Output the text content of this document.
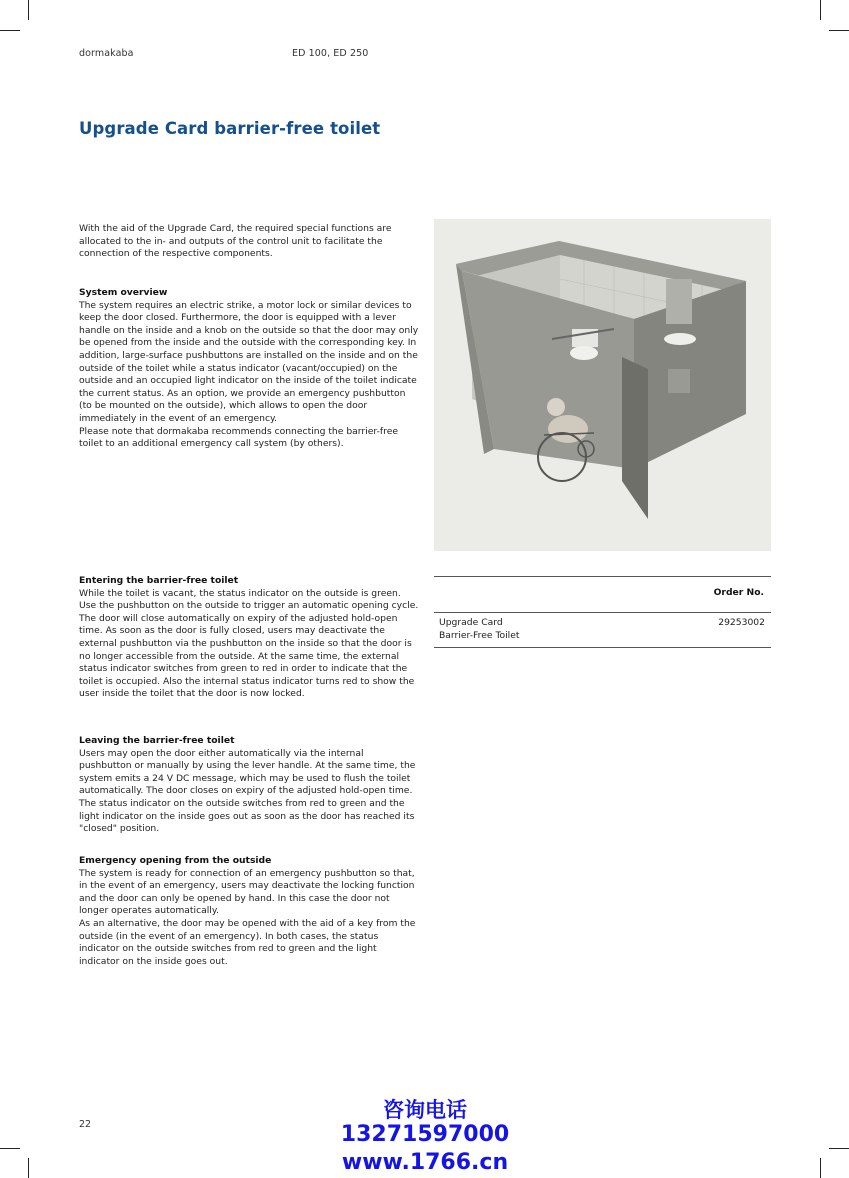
dormakaba	ED 100, ED 250
Upgrade Card barrier-free toilet

With the aid of the Upgrade Card, the required special functions are allocated to the in- and outputs of the control unit to facilitate the connection of the respective components.

System overview

The system requires an electric strike, a motor lock or similar devices to keep the door closed. Furthermore, the door is equipped with a lever handle on the inside and a knob on the outside so that the door may only be opened from the inside and the outside with the corresponding key. In addition, large-surface pushbuttons are installed on the inside and on the outside of the toilet while a status indicator (vacant/occupied) on the outside and an occupied light indicator on the inside of the toilet indicate the current status. As an option, we provide an emergency pushbutton (to be mounted on the outside), which allows to open the door immediately in the event of an emergency.

Please note that dormakaba recommends connecting the barrier-free toilet to an additional emergency call system (by others).

Entering the barrier-free toilet

While the toilet is vacant, the status indicator on the outside is green. Use the pushbutton on the outside to trigger an automatic opening cycle. The door will close automatically on expiry of the adjusted hold-open time. As soon as the door is fully closed, users may deactivate the external pushbutton via the pushbutton on the inside so that the door is no longer accessible from the outside. At the same time, the external status indicator switches from green to red in order to indicate that the toilet is occupied. Also the internal status indicator turns red to show the user inside the toilet that the door is now locked.

Leaving the barrier-free toilet

Users may open the door either automatically via the internal pushbutton or manually by using the lever handle. At the same time, the system emits a 24 V DC message, which may be used to flush the toilet automatically. The door closes on expiry of the adjusted hold-open time. The status indicator on the outside switches from red to green and the light indicator on the inside goes out as soon as the door has reached its "closed" position.

Emergency opening from the outside

The system is ready for connection of an emergency pushbutton so that, in the event of an emergency, users may deactivate the locking function and the door can only be opened by hand. In this case the door not longer operates automatically.

As an alternative, the door may be opened with the aid of a key from the outside (in the event of an emergency). In both cases, the status indicator on the outside switches from red to green and the light indicator on the inside goes out.

Order No.
Upgrade Card
Barrier-Free Toilet
29253002
22
咨询电话
13271597000
www.1766.cn
